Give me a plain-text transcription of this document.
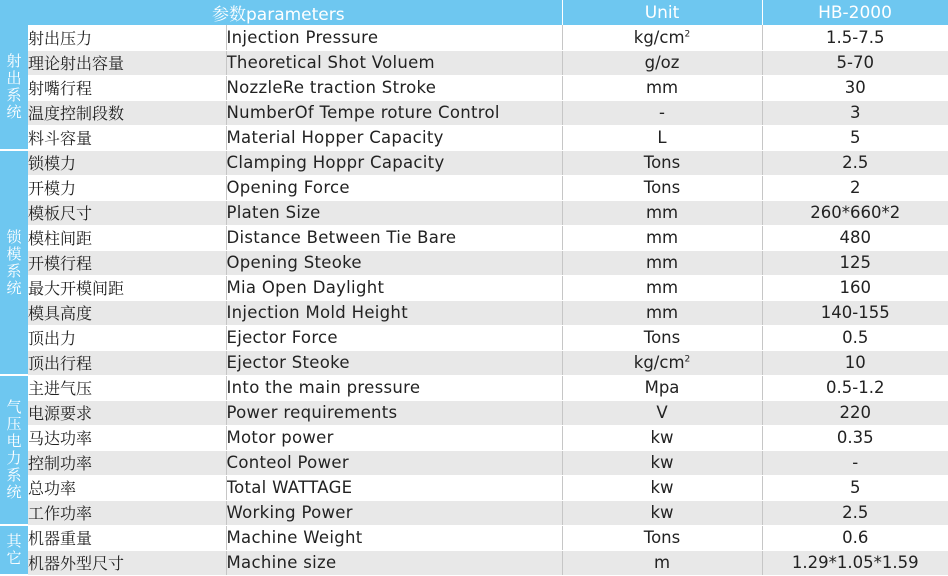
参数parameters			Unit	HB-2000
射出系统	射出压力	Injection Pressure	$kg/cm^2$	1.5-7.5
	理论射出容量	Theoretical Shot Voluem	g/oz	5-70
	射嘴行程	NozzleRe traction Stroke	mm	30
	温度控制段数	NumberOf Tempe roture Control	-	3
	料斗容量	Material Hopper Capacity	L	5
锁模系统	锁模力	Clamping Hoppr Capacity	Tons	2.5
	开模力	Opening Force	Tons	2
	模板尺寸	Platen Size	mm	260*660*2
	模柱间距	Distance Between Tie Bare	mm	480
	开模行程	Opening Steoke	mm	125
	最大开模间距	Mia Open Daylight	mm	160
	模具高度	Injection Mold Height	mm	140-155
	顶出力	Ejector Force	Tons	0.5
	顶出行程	Ejector Steoke	$kg/cm^2$	10
气压电力系统	主进气压	Into the main pressure	Mpa	0.5-1.2
	电源要求	Power requirements	V	220
	马达功率	Motor power	kw	0.35
	控制功率	Conteol Power	kw	-
	总功率	Total WATTAGE	kw	5
	工作功率	Working Power	kw	2.5
其它	机器重量	Machine Weight	Tons	0.6
	机器外型尺寸	Machine size	m	1.29*1.05*1.59
